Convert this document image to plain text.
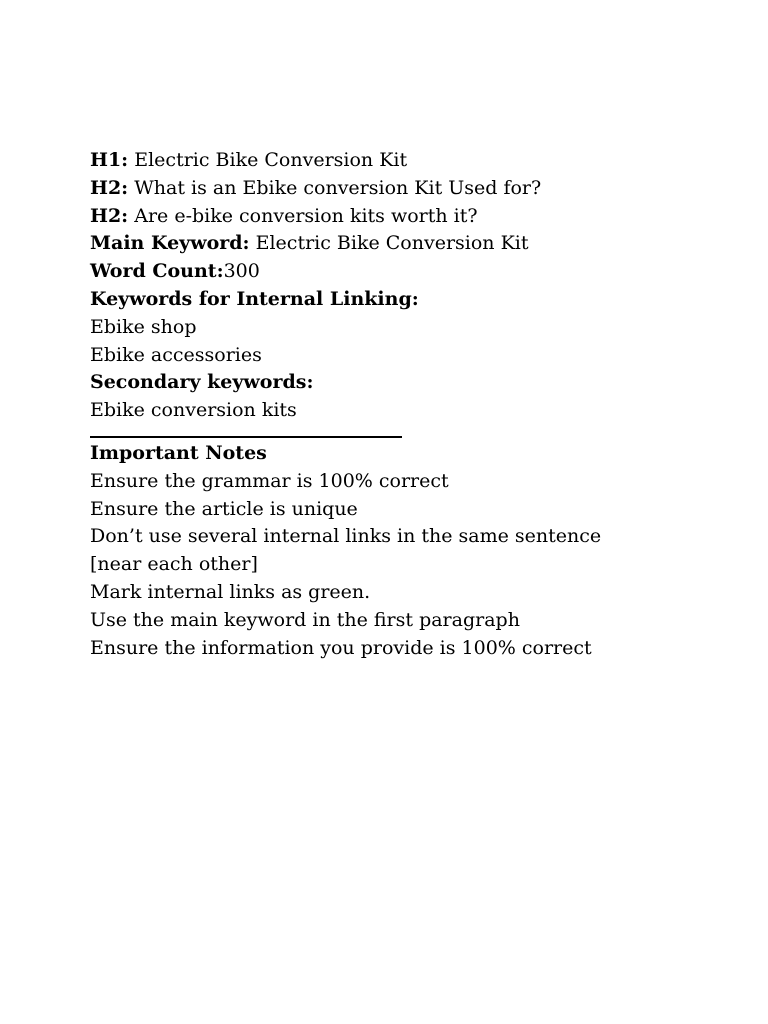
H1: Electric Bike Conversion Kit
H2: What is an Ebike conversion Kit Used for?
H2: Are e-bike conversion kits worth it?
Main Keyword: Electric Bike Conversion Kit
Word Count:300
Keywords for Internal Linking:
Ebike shop
Ebike accessories
Secondary keywords:
Ebike conversion kits
Important Notes
Ensure the grammar is 100% correct
Ensure the article is unique
Don’t use several internal links in the same sentence
[near each other]
Mark internal links as green.
Use the main keyword in the first paragraph
Ensure the information you provide is 100% correct
